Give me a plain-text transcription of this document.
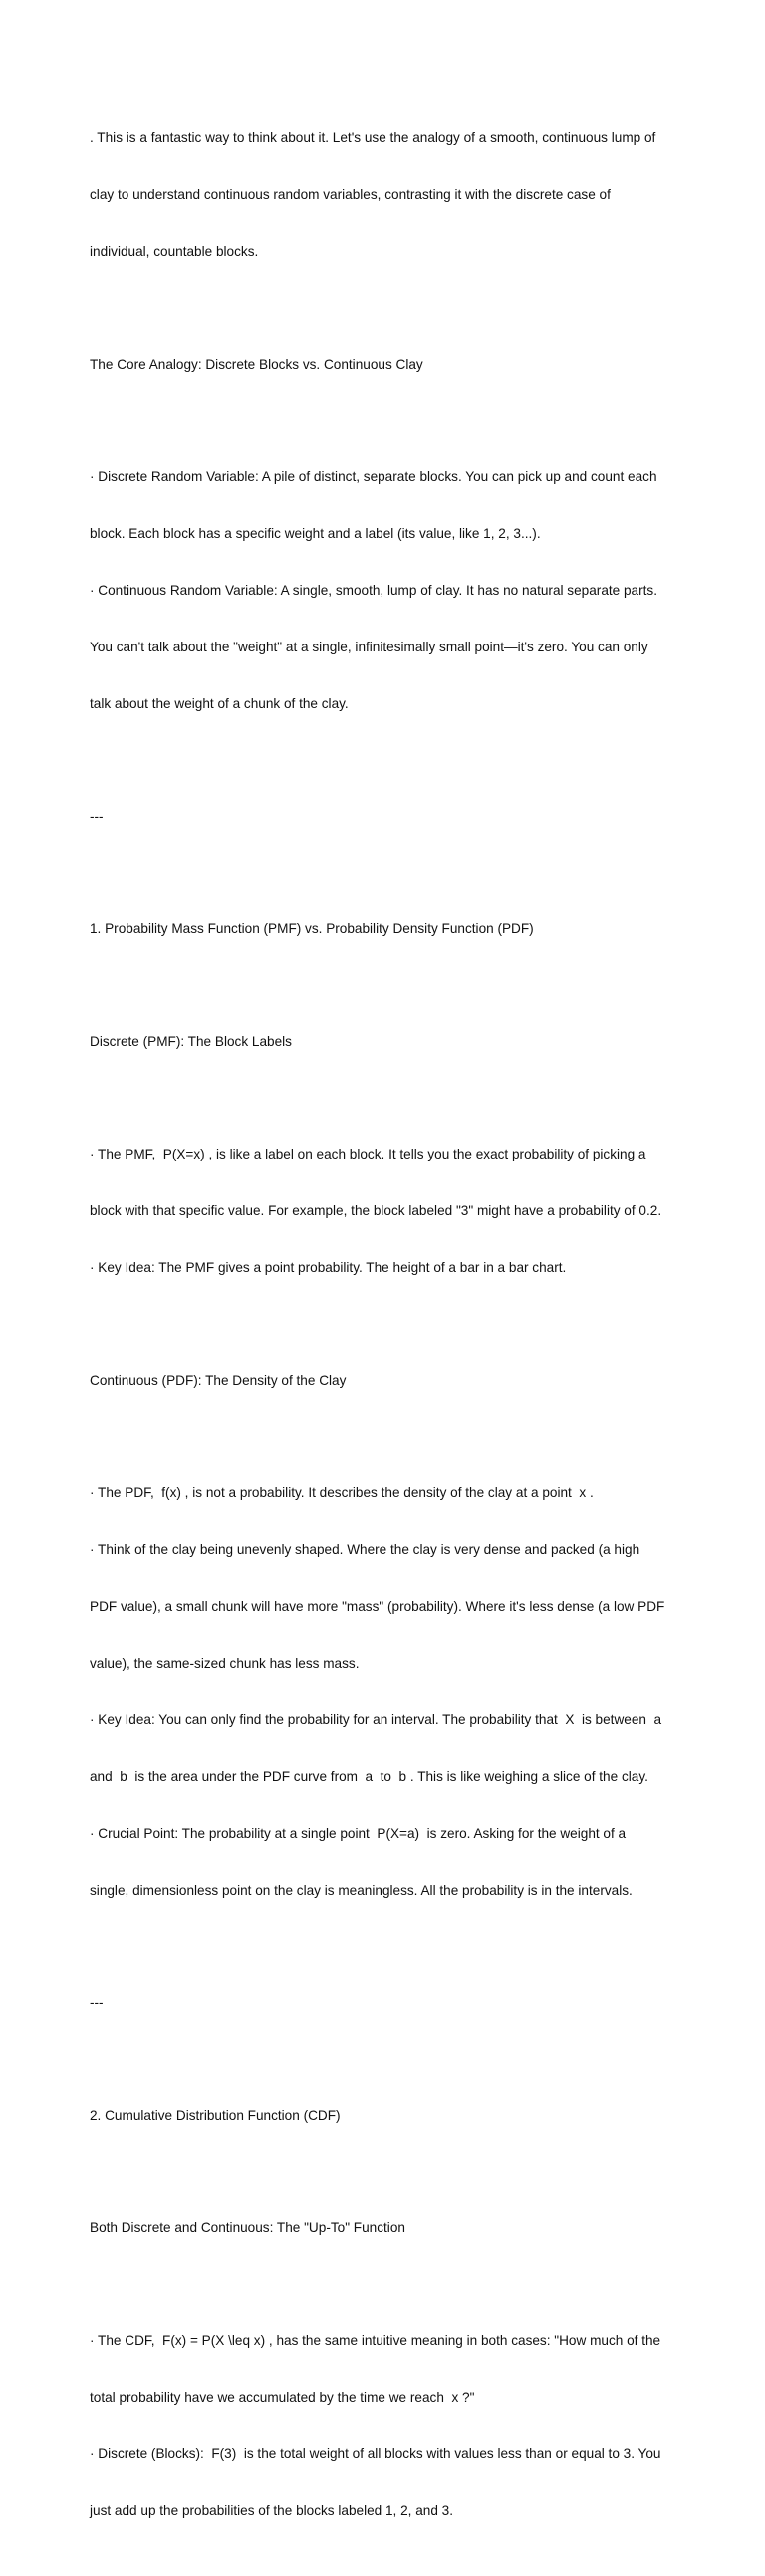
. This is a fantastic way to think about it. Let's use the analogy of a smooth, continuous lump of

clay to understand continuous random variables, contrasting it with the discrete case of

individual, countable blocks.

The Core Analogy: Discrete Blocks vs. Continuous Clay

· Discrete Random Variable: A pile of distinct, separate blocks. You can pick up and count each

block. Each block has a specific weight and a label (its value, like 1, 2, 3...).

· Continuous Random Variable: A single, smooth, lump of clay. It has no natural separate parts.

You can't talk about the "weight" at a single, infinitesimally small point—it's zero. You can only

talk about the weight of a chunk of the clay.

---

1. Probability Mass Function (PMF) vs. Probability Density Function (PDF)

Discrete (PMF): The Block Labels

· The PMF,  P(X=x) , is like a label on each block. It tells you the exact probability of picking a

block with that specific value. For example, the block labeled "3" might have a probability of 0.2.

· Key Idea: The PMF gives a point probability. The height of a bar in a bar chart.

Continuous (PDF): The Density of the Clay

· The PDF,  f(x) , is not a probability. It describes the density of the clay at a point  x .

· Think of the clay being unevenly shaped. Where the clay is very dense and packed (a high

PDF value), a small chunk will have more "mass" (probability). Where it's less dense (a low PDF

value), the same-sized chunk has less mass.

· Key Idea: You can only find the probability for an interval. The probability that  X  is between  a

and  b  is the area under the PDF curve from  a  to  b . This is like weighing a slice of the clay.

· Crucial Point: The probability at a single point  P(X=a)  is zero. Asking for the weight of a

single, dimensionless point on the clay is meaningless. All the probability is in the intervals.

---

2. Cumulative Distribution Function (CDF)

Both Discrete and Continuous: The "Up-To" Function

· The CDF,  F(x) = P(X \leq x) , has the same intuitive meaning in both cases: "How much of the

total probability have we accumulated by the time we reach  x ?"

· Discrete (Blocks):  F(3)  is the total weight of all blocks with values less than or equal to 3. You

just add up the probabilities of the blocks labeled 1, 2, and 3.
